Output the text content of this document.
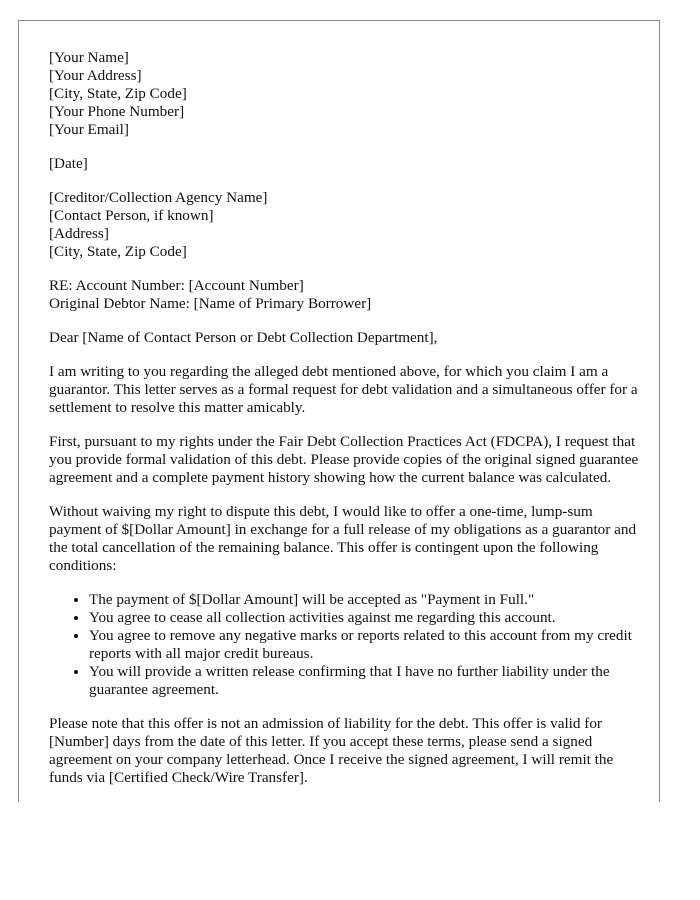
[Your Name]
[Your Address]
[City, State, Zip Code]
[Your Phone Number]
[Your Email]
[Date]
[Creditor/Collection Agency Name]
[Contact Person, if known]
[Address]
[City, State, Zip Code]
RE: Account Number: [Account Number]
Original Debtor Name: [Name of Primary Borrower]

Dear [Name of Contact Person or Debt Collection Department],

I am writing to you regarding the alleged debt mentioned above, for which you claim I am a guarantor. This letter serves as a formal request for debt validation and a simultaneous offer for a settlement to resolve this matter amicably.

First, pursuant to my rights under the Fair Debt Collection Practices Act (FDCPA), I request that you provide formal validation of this debt. Please provide copies of the original signed guarantee agreement and a complete payment history showing how the current balance was calculated.

Without waiving my right to dispute this debt, I would like to offer a one-time, lump-sum payment of $[Dollar Amount] in exchange for a full release of my obligations as a guarantor and the total cancellation of the remaining balance. This offer is contingent upon the following conditions:

• The payment of $[Dollar Amount] will be accepted as "Payment in Full."
• You agree to cease all collection activities against me regarding this account.
• You agree to remove any negative marks or reports related to this account from my credit reports with all major credit bureaus.
• You will provide a written release confirming that I have no further liability under the guarantee agreement.

Please note that this offer is not an admission of liability for the debt. This offer is valid for [Number] days from the date of this letter. If you accept these terms, please send a signed agreement on your company letterhead. Once I receive the signed agreement, I will remit the funds via [Certified Check/Wire Transfer].
